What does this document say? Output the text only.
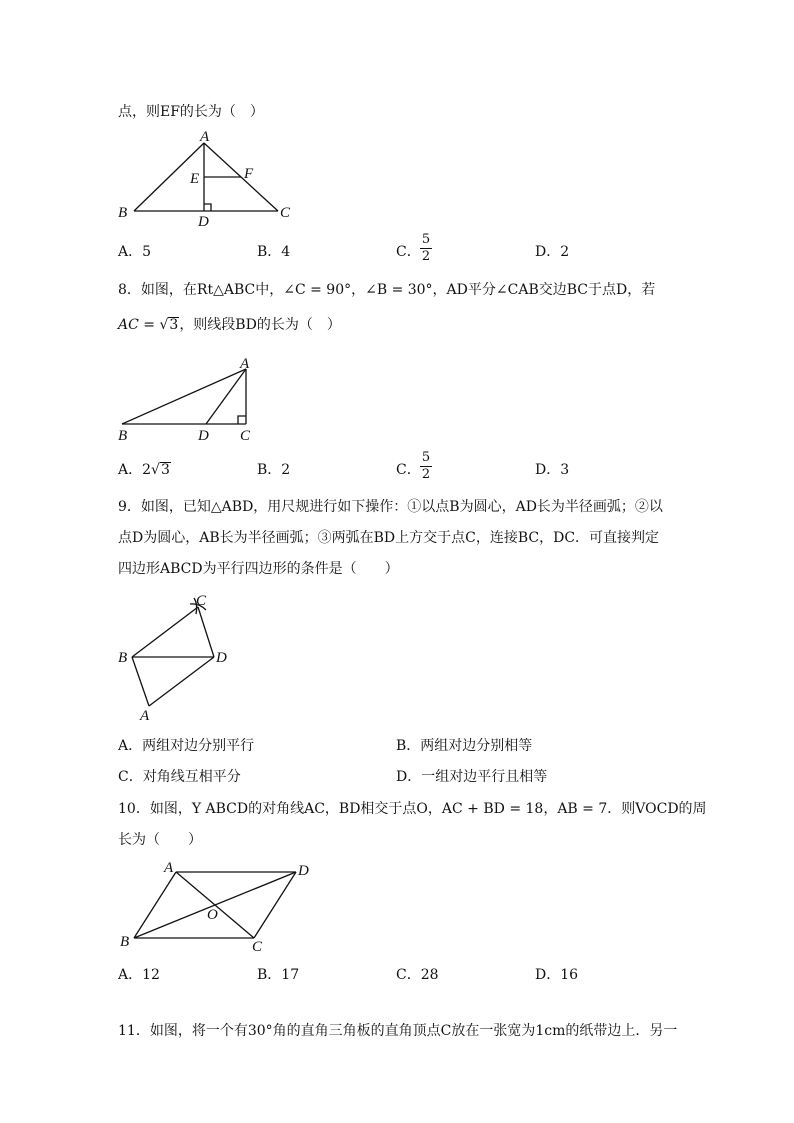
点，则EF的长为（　）
A
B	C
D
E	F
A．5	B．4	C．
5
2	D．2
8．如图，在Rt△ABC中，∠C = 90°，∠B = 30°，AD平分∠CAB交边BC于点D，若
AC = √3，则线段BD的长为（　）
A
B	D C
A．2√3	B．2	C．
5
2	D．3
9．如图，已知△ABD，用尺规进行如下操作：①以点B为圆心，AD长为半径画弧；②以
点D为圆心，AB长为半径画弧；③两弧在BD上方交于点C，连接BC，DC．可直接判定
四边形ABCD为平行四边形的条件是（　　）
C
B	D
A
A．两组对边分别平行	B．两组对边分别相等
C．对角线互相平分	D．一组对边平行且相等
10．如图，Y ABCD的对角线AC，BD相交于点O，AC + BD = 18，AB = 7．则VOCD的周
长为（　　）
A	D
O
B	C
A．12	B．17	C．28	D．16
11．如图，将一个有30°角的直角三角板的直角顶点C放在一张宽为1cm的纸带边上．另一
